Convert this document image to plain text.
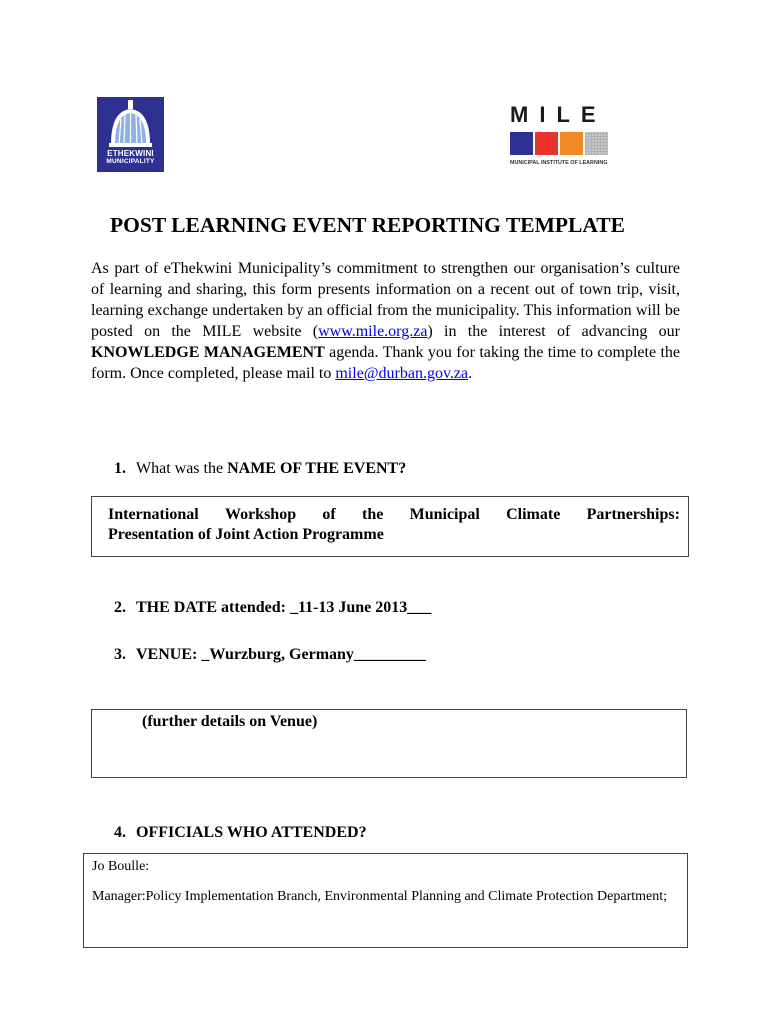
ETHEKWINI
MUNICIPALITY
MILE
MUNICIPAL INSTITUTE OF LEARNING
POST LEARNING EVENT REPORTING TEMPLATE
As part of eThekwini Municipality’s commitment to strengthen our organisation’s culture of learning and sharing, this form presents information on a recent out of town trip, visit, learning exchange undertaken by an official from the municipality. This information will be posted on the MILE website (www.mile.org.za) in the interest of advancing our KNOWLEDGE MANAGEMENT agenda. Thank you for taking the time to complete the form. Once completed, please mail to mile@durban.gov.za.
1. What was the NAME OF THE EVENT?
International Workshop of the Municipal Climate Partnerships:
Presentation of Joint Action Programme
2. THE DATE attended: _11-13 June 2013___
3. VENUE: _Wurzburg, Germany_________
(further details on Venue)
4. OFFICIALS WHO ATTENDED?
Jo Boulle:
Manager:Policy Implementation Branch, Environmental Planning and Climate Protection Department;
